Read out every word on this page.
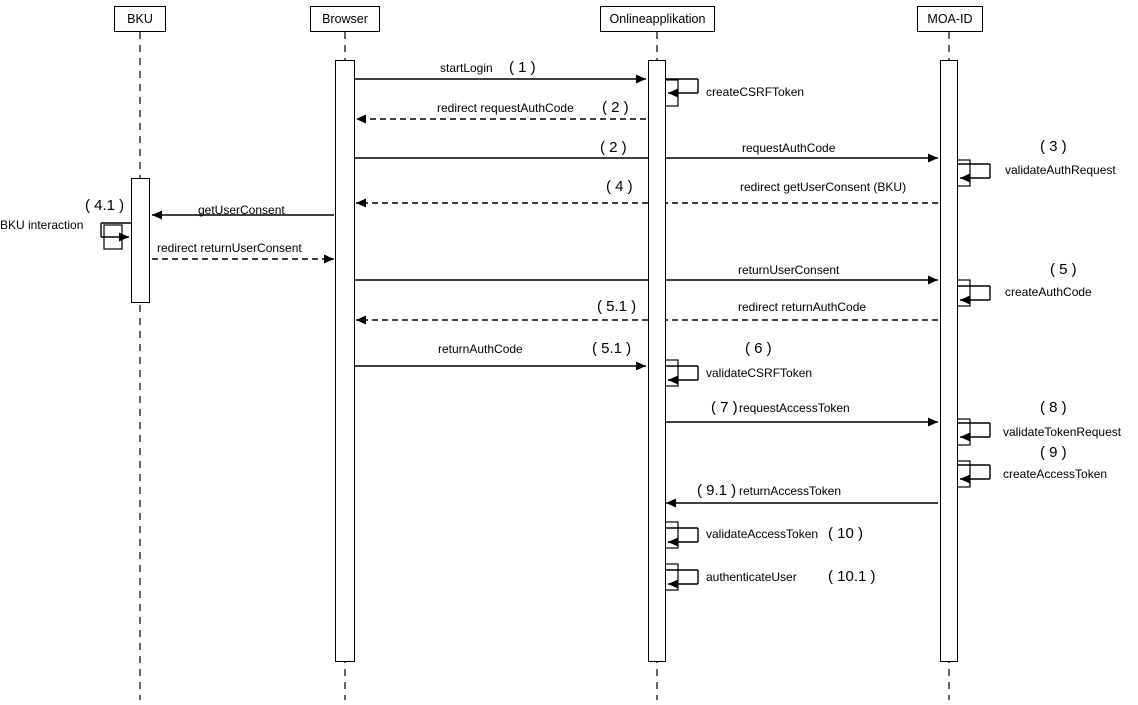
BKU	Browser	Onlineapplikation	MOA-ID
startLogin ( 1 )
createCSRFToken
redirect requestAuthCode ( 2 )
requestAuthCode
( 2 )
validateAuthRequest
( 3 )
redirect getUserConsent (BKU)
( 4 )
getUserConsent
( 4.1 )
BKU interaction
redirect returnUserConsent
returnUserConsent	( 5 )
createAuthCode
redirect returnAuthCode
( 5.1 )
returnAuthCode	( 5.1 )
validateCSRFToken
( 6 )
requestAccessToken
( 7 )
validateTokenRequest
( 8 )
createAccessToken
( 9 )
returnAccessToken
( 9.1 )
validateAccessToken ( 10 )
authenticateUser ( 10.1 )
